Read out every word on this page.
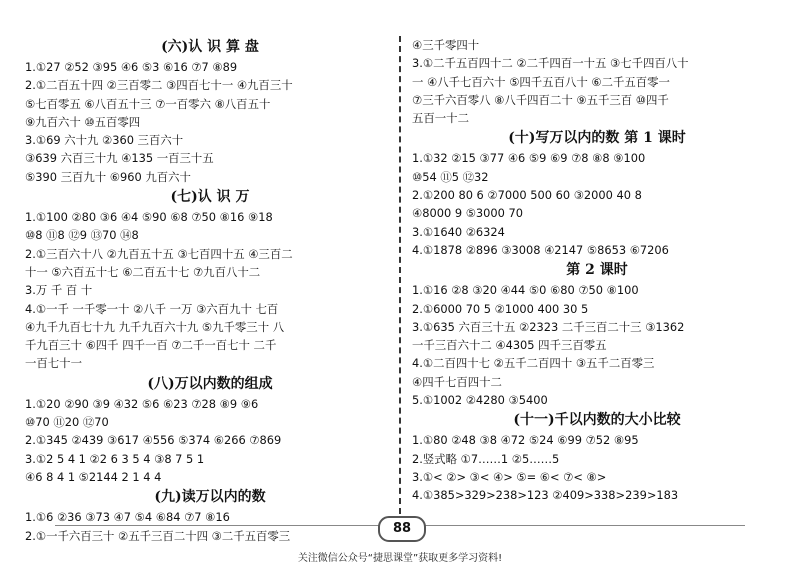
(六)认 识 算 盘
1.①27 ②52 ③95 ④6 ⑤3 ⑥16 ⑦7 ⑧89
2.①二百五十四 ②三百零二 ③四百七十一 ④九百三十
⑤七百零五 ⑥八百五十三 ⑦一百零六 ⑧八百五十
⑨九百六十 ⑩五百零四
3.①69 六十九 ②360 三百六十
③639 六百三十九 ④135 一百三十五
⑤390 三百九十 ⑥960 九百六十
(七)认 识 万
1.①100 ②80 ③6 ④4 ⑤90 ⑥8 ⑦50 ⑧16 ⑨18
⑩8 ⑪8 ⑫9 ⑬70 ⑭8
2.①三百六十八 ②九百五十五 ③七百四十五 ④三百二
十一 ⑤六百五十七 ⑥二百五十七 ⑦九百八十二
3.万 千 百 十
4.①一千 一千零一十 ②八千 一万 ③六百九十 七百
④九千九百七十九 九千九百六十九 ⑤九千零三十 八
千九百三十 ⑥四千 四千一百 ⑦二千一百七十 二千
一百七十一
(八)万以内数的组成
1.①20 ②90 ③9 ④32 ⑤6 ⑥23 ⑦28 ⑧9 ⑨6
⑩70 ⑪20 ⑫70
2.①345 ②439 ③617 ④556 ⑤374 ⑥266 ⑦869
3.①2 5 4 1 ②2 6 3 5 4 ③8 7 5 1
④6 8 4 1 ⑤2144 2 1 4 4
(九)读万以内的数
1.①6 ②36 ③73 ④7 ⑤4 ⑥84 ⑦7 ⑧16
2.①一千六百三十 ②五千三百二十四 ③二千五百零三
④三千零四十
3.①二千五百四十二 ②二千四百一十五 ③七千四百八十
一 ④八千七百六十 ⑤四千五百八十 ⑥二千五百零一
⑦三千六百零八 ⑧八千四百二十 ⑨五千三百 ⑩四千
五百一十二
(十)写万以内的数 第 1 课时
1.①32 ②15 ③77 ④6 ⑤9 ⑥9 ⑦8 ⑧8 ⑨100
⑩54 ⑪5 ⑫32
2.①200 80 6 ②7000 500 60 ③2000 40 8
④8000 9 ⑤3000 70
3.①1640 ②6324
4.①1878 ②896 ③3008 ④2147 ⑤8653 ⑥7206
第 2 课时
1.①16 ②8 ③20 ④44 ⑤0 ⑥80 ⑦50 ⑧100
2.①6000 70 5 ②1000 400 30 5
3.①635 六百三十五 ②2323 二千三百二十三 ③1362
一千三百六十二 ④4305 四千三百零五
4.①二百四十七 ②五千二百四十 ③五千二百零三
④四千七百四十二
5.①1002 ②4280 ③5400
(十一)千以内数的大小比较
1.①80 ②48 ③8 ④72 ⑤24 ⑥99 ⑦52 ⑧95
2.竖式略 ①7……1 ②5……5
3.①< ②> ③< ④> ⑤= ⑥< ⑦< ⑧>
4.①385>329>238>123 ②409>338>239>183
88
关注微信公众号“捷思课堂”获取更多学习资料!
